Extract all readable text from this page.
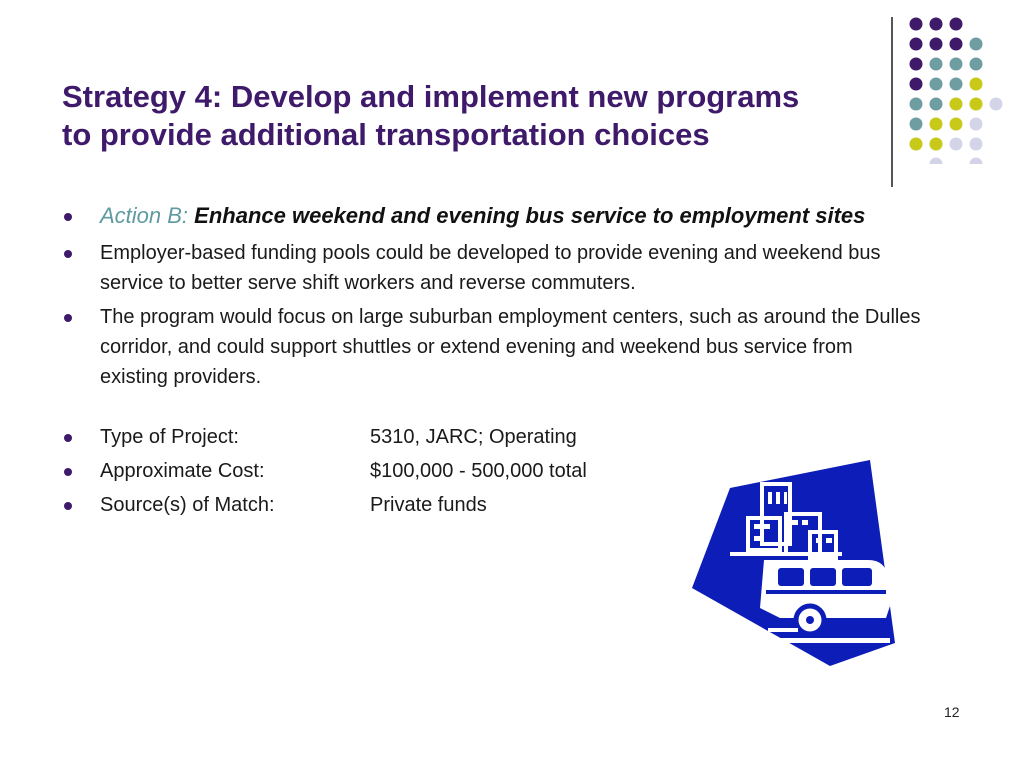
Strategy 4: Develop and implement new programs
to provide additional transportation choices
Action B: Enhance weekend and evening bus service to employment sites
Employer-based funding pools could be developed to provide evening and weekend bus service to better serve shift workers and reverse commuters.
The program would focus on large suburban employment centers, such as around the Dulles corridor, and could support shuttles or extend evening and weekend bus service from existing providers.
Type of Project:	5310, JARC; Operating
Approximate Cost:	$100,000 - 500,000 total
Source(s) of Match:	Private funds
12
